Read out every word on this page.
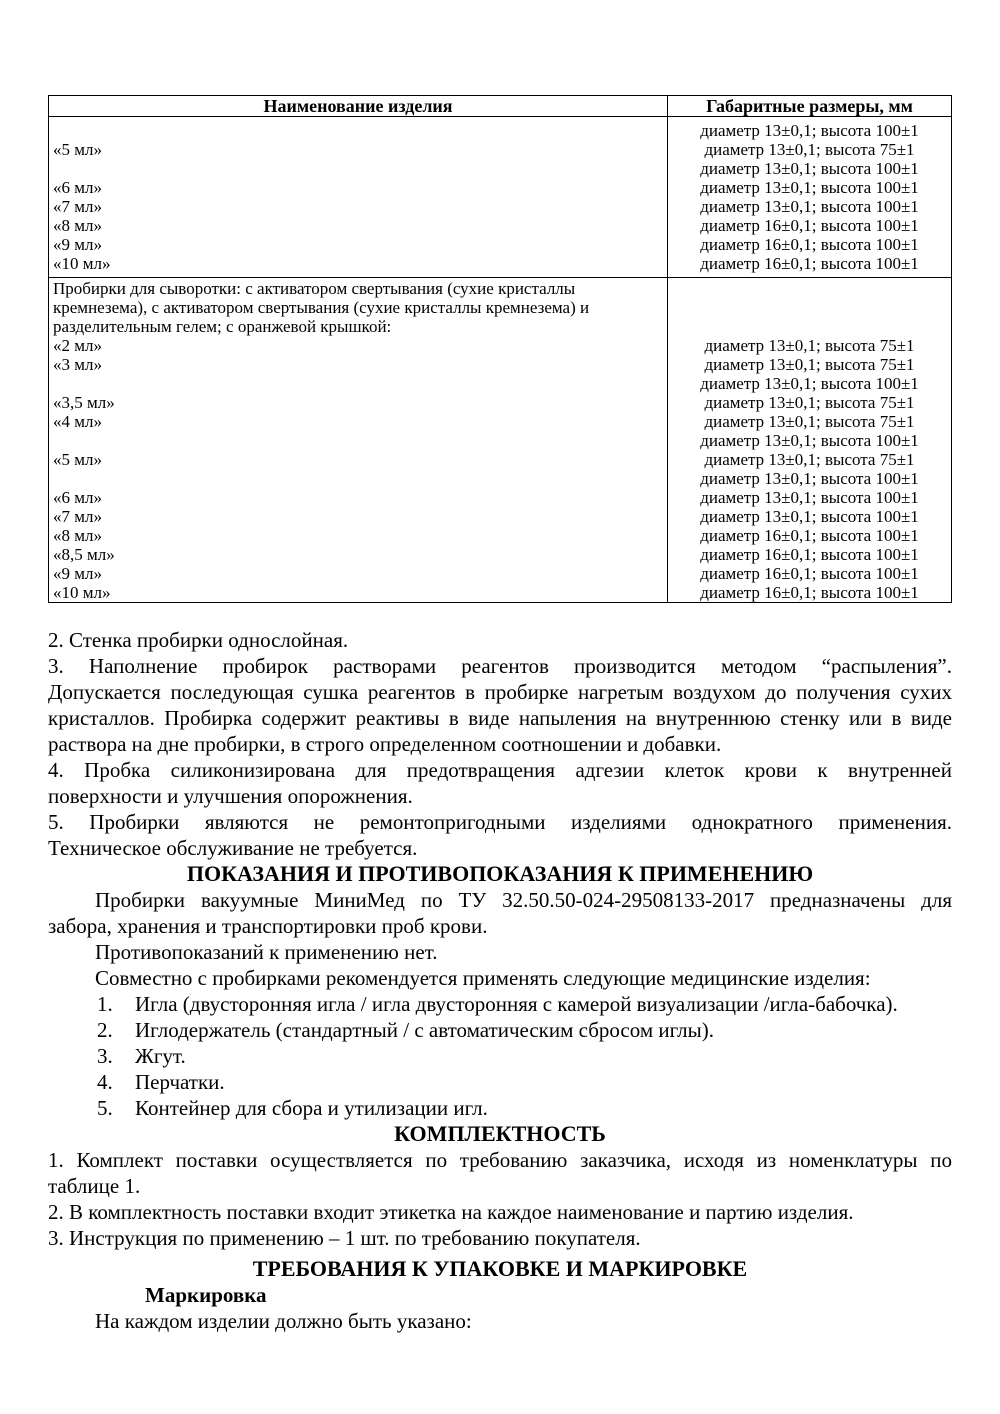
Наименование изделия	Габаритные размеры, мм
«5 мл»
«6 мл»
«7 мл»
«8 мл»
«9 мл»
«10 мл»
диаметр 13±0,1; высота 100±1
диаметр 13±0,1; высота 75±1
диаметр 13±0,1; высота 100±1
диаметр 13±0,1; высота 100±1
диаметр 13±0,1; высота 100±1
диаметр 16±0,1; высота 100±1
диаметр 16±0,1; высота 100±1
диаметр 16±0,1; высота 100±1
Пробирки для сыворотки: с активатором свертывания (сухие кристаллы
кремнезема), с активатором свертывания (сухие кристаллы кремнезема) и
разделительным гелем; с оранжевой крышкой:
«2 мл»
«3 мл»
«3,5 мл»
«4 мл»
«5 мл»
«6 мл»
«7 мл»
«8 мл»
«8,5 мл»
«9 мл»
«10 мл»
диаметр 13±0,1; высота 75±1
диаметр 13±0,1; высота 75±1
диаметр 13±0,1; высота 100±1
диаметр 13±0,1; высота 75±1
диаметр 13±0,1; высота 75±1
диаметр 13±0,1; высота 100±1
диаметр 13±0,1; высота 75±1
диаметр 13±0,1; высота 100±1
диаметр 13±0,1; высота 100±1
диаметр 13±0,1; высота 100±1
диаметр 16±0,1; высота 100±1
диаметр 16±0,1; высота 100±1
диаметр 16±0,1; высота 100±1
диаметр 16±0,1; высота 100±1
2. Стенка пробирки однослойная.
3. Наполнение пробирок растворами реагентов производится методом “распыления”.
Допускается последующая сушка реагентов в пробирке нагретым воздухом до получения сухих
кристаллов. Пробирка содержит реактивы в виде напыления на внутреннюю стенку или в виде
раствора на дне пробирки, в строго определенном соотношении и добавки.
4. Пробка силиконизирована для предотвращения адгезии клеток крови к внутренней
поверхности и улучшения опорожнения.
5. Пробирки являются не ремонтопригодными изделиями однократного применения.
Техническое обслуживание не требуется.
ПОКАЗАНИЯ И ПРОТИВОПОКАЗАНИЯ К ПРИМЕНЕНИЮ
Пробирки вакуумные МиниМед по ТУ 32.50.50-024-29508133-2017 предназначены для
забора, хранения и транспортировки проб крови.
Противопоказаний к применению нет.
Совместно с пробирками рекомендуется применять следующие медицинские изделия:
1. Игла (двусторонняя игла / игла двусторонняя с камерой визуализации /игла-бабочка).
2. Иглодержатель (стандартный / с автоматическим сбросом иглы).
3. Жгут.
4. Перчатки.
5. Контейнер для сбора и утилизации игл.
КОМПЛЕКТНОСТЬ
1. Комплект поставки осуществляется по требованию заказчика, исходя из номенклатуры по
таблице 1.
2. В комплектность поставки входит этикетка на каждое наименование и партию изделия.
3. Инструкция по применению – 1 шт. по требованию покупателя.
ТРЕБОВАНИЯ К УПАКОВКЕ И МАРКИРОВКЕ
Маркировка
На каждом изделии должно быть указано:
